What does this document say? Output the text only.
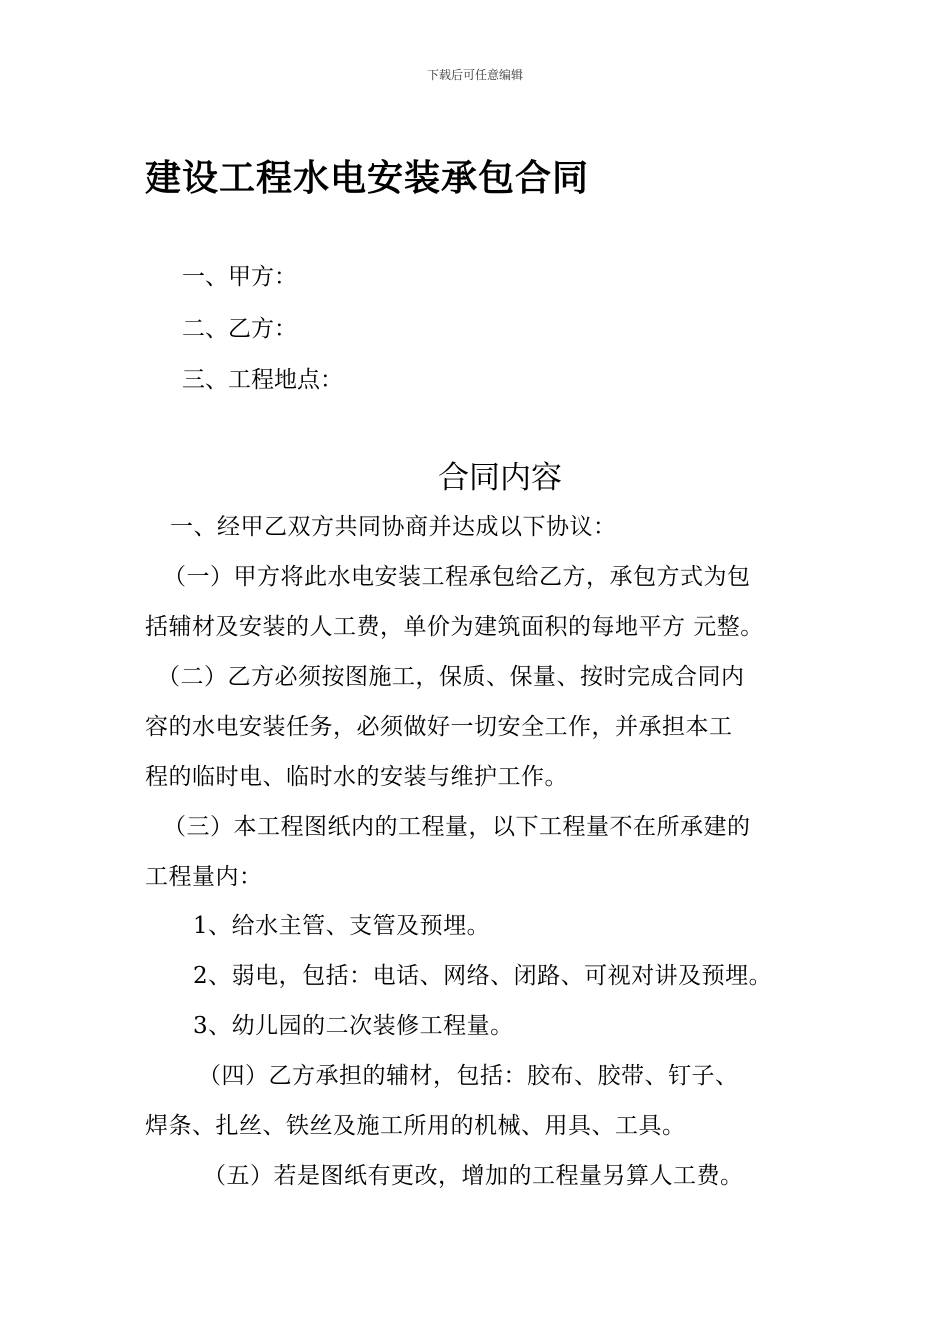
下载后可任意编辑
建设工程水电安装承包合同
一、甲方：
二、乙方：
三、工程地点：
合同内容
一、经甲乙双方共同协商并达成以下协议：
（一）甲方将此水电安装工程承包给乙方，承包方式为包
括辅材及安装的人工费，单价为建筑面积的每地平方 元整。
（二）乙方必须按图施工，保质、保量、按时完成合同内
容的水电安装任务，必须做好一切安全工作，并承担本工
程的临时电、临时水的安装与维护工作。
（三）本工程图纸内的工程量，以下工程量不在所承建的
工程量内：
1、给水主管、支管及预埋。
2、弱电，包括：电话、网络、闭路、可视对讲及预埋。
3、幼儿园的二次装修工程量。
（四）乙方承担的辅材，包括：胶布、胶带、钉子、
焊条、扎丝、铁丝及施工所用的机械、用具、工具。
（五）若是图纸有更改，增加的工程量另算人工费。
